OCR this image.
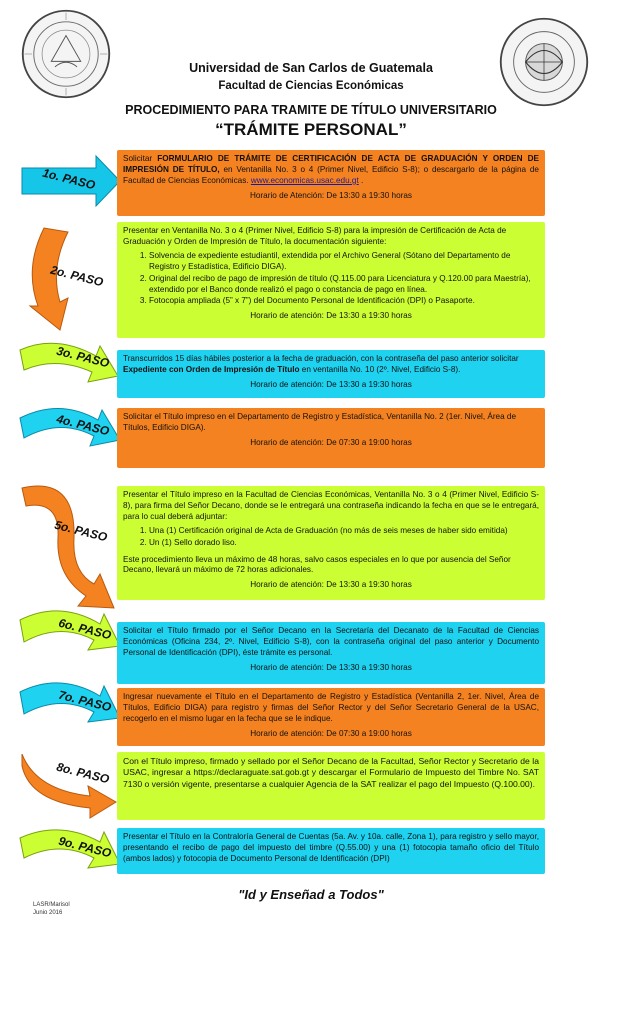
Universidad de San Carlos de Guatemala
Facultad de Ciencias Económicas
PROCEDIMIENTO PARA TRAMITE DE TÍTULO UNIVERSITARIO
“TRÁMITE PERSONAL”
1o. PASO

Solicitar FORMULARIO DE TRÁMITE DE CERTIFICACIÓN DE ACTA DE GRADUACIÓN Y ORDEN DE IMPRESIÓN DE TÍTULO, en Ventanilla No. 3 o 4 (Primer Nivel, Edificio S-8); o descargarlo de la página de Facultad de Ciencias Económicas. www.economicas.usac.edu.gt .

Horario de Atención: De 13:30 a 19:30 horas
2o. PASO

Presentar en Ventanilla No. 3 o 4 (Primer Nivel, Edificio S-8) para la impresión de Certificación de Acta de Graduación y Orden de Impresión de Título, la documentación siguiente:

1. Solvencia de expediente estudiantil, extendida por el Archivo General (Sótano del Departamento de Registro y Estadística, Edificio DIGA).
2. Original del recibo de pago de impresión de título (Q.115.00 para Licenciatura y Q.120.00 para Maestría), extendido por el Banco donde realizó el pago o constancia de pago en línea.
3. Fotocopia ampliada (5” x 7”) del Documento Personal de Identificación (DPI) o Pasaporte.
Horario de atención: De 13:30 a 19:30 horas
3o. PASO Transcurridos 15 días hábiles posterior a la fecha de graduación, con la contraseña del paso anterior solicitar Expediente con Orden de Impresión de Título en ventanilla No. 10 (2º. Nivel, Edificio S-8).

Horario de atención: De 13:30 a 19:30 horas
4o. PASO Solicitar el Título impreso en el Departamento de Registro y Estadística, Ventanilla No. 2 (1er. Nivel, Área de Títulos, Edificio DIGA).

Horario de atención: De 07:30 a 19:00 horas
5o. PASO

Presentar el Título impreso en la Facultad de Ciencias Económicas, Ventanilla No. 3 o 4 (Primer Nivel, Edificio S-8), para firma del Señor Decano, donde se le entregará una contraseña indicando la fecha en que se le entregará, para lo cual deberá adjuntar:

1. Una (1) Certificación original de Acta de Graduación (no más de seis meses de haber sido emitida)
2. Un (1) Sello dorado liso.

Este procedimiento lleva un máximo de 48 horas, salvo casos especiales en lo que por ausencia del Señor Decano, llevará un máximo de 72 horas adicionales.

Horario de atención: De 13:30 a 19:30 horas
6o. PASO Solicitar el Título firmado por el Señor Decano en la Secretaría del Decanato de la Facultad de Ciencias Económicas (Oficina 234, 2º. Nivel, Edificio S-8), con la contraseña original del paso anterior y Documento Personal de Identificación (DPI), éste trámite es personal.

Horario de atención: De 13:30 a 19:30 horas
7o. PASO Ingresar nuevamente el Título en el Departamento de Registro y Estadística (Ventanilla 2, 1er. Nivel, Área de Títulos, Edificio DIGA) para registro y firmas del Señor Rector y del Señor Secretario General de la USAC, recogerlo en el mismo lugar en la fecha que se le indique.

Horario de atención: De 07:30 a 19:00 horas
8o. PASO Con el Título impreso, firmado y sellado por el Señor Decano de la Facultad, Señor Rector y Secretario de la USAC, ingresar a https://declaraguate.sat.gob.gt y descargar el Formulario de Impuesto del Timbre No. SAT 7130 o versión vigente, presentarse a cualquier Agencia de la SAT realizar el pago del Impuesto (Q.100.00).

9o. PASO Presentar el Título en la Contraloría General de Cuentas (5a. Av. y 10a. calle, Zona 1), para registro y sello mayor, presentando el recibo de pago del impuesto del timbre (Q.55.00) y una (1) fotocopia tamaño oficio del Título (ambos lados) y fotocopia de Documento Personal de Identificación (DPI)

"Id y Enseñad a Todos"
LASR/Marisol
Junio 2016
